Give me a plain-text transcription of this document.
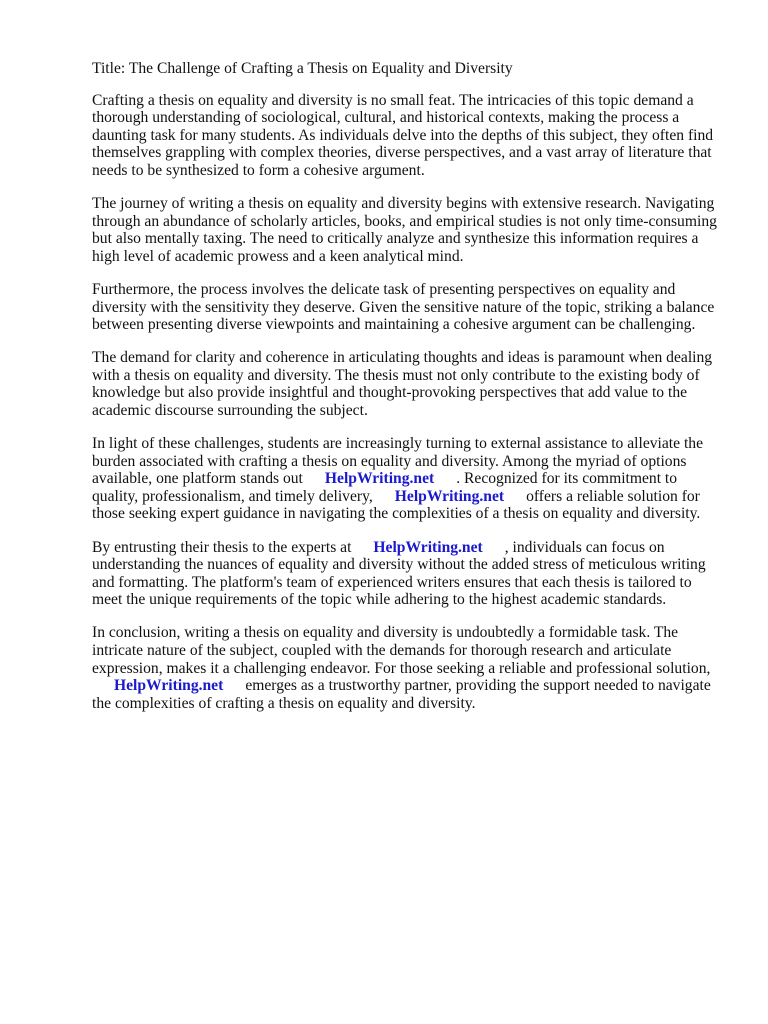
Title: The Challenge of Crafting a Thesis on Equality and Diversity

Crafting a thesis on equality and diversity is no small feat. The intricacies of this topic demand a thorough understanding of sociological, cultural, and historical contexts, making the process a daunting task for many students. As individuals delve into the depths of this subject, they often find themselves grappling with complex theories, diverse perspectives, and a vast array of literature that needs to be synthesized to form a cohesive argument.

The journey of writing a thesis on equality and diversity begins with extensive research. Navigating through an abundance of scholarly articles, books, and empirical studies is not only time-consuming but also mentally taxing. The need to critically analyze and synthesize this information requires a high level of academic prowess and a keen analytical mind.

Furthermore, the process involves the delicate task of presenting perspectives on equality and diversity with the sensitivity they deserve. Given the sensitive nature of the topic, striking a balance between presenting diverse viewpoints and maintaining a cohesive argument can be challenging.

The demand for clarity and coherence in articulating thoughts and ideas is paramount when dealing with a thesis on equality and diversity. The thesis must not only contribute to the existing body of knowledge but also provide insightful and thought-provoking perspectives that add value to the academic discourse surrounding the subject.

In light of these challenges, students are increasingly turning to external assistance to alleviate the burden associated with crafting a thesis on equality and diversity. Among the myriad of options available, one platform stands out HelpWriting.net . Recognized for its commitment to quality, professionalism, and timely delivery, HelpWriting.net offers a reliable solution for those seeking expert guidance in navigating the complexities of a thesis on equality and diversity.

By entrusting their thesis to the experts at HelpWriting.net , individuals can focus on understanding the nuances of equality and diversity without the added stress of meticulous writing and formatting. The platform's team of experienced writers ensures that each thesis is tailored to meet the unique requirements of the topic while adhering to the highest academic standards.

In conclusion, writing a thesis on equality and diversity is undoubtedly a formidable task. The intricate nature of the subject, coupled with the demands for thorough research and articulate expression, makes it a challenging endeavor. For those seeking a reliable and professional solution, HelpWriting.net emerges as a trustworthy partner, providing the support needed to navigate the complexities of crafting a thesis on equality and diversity.
